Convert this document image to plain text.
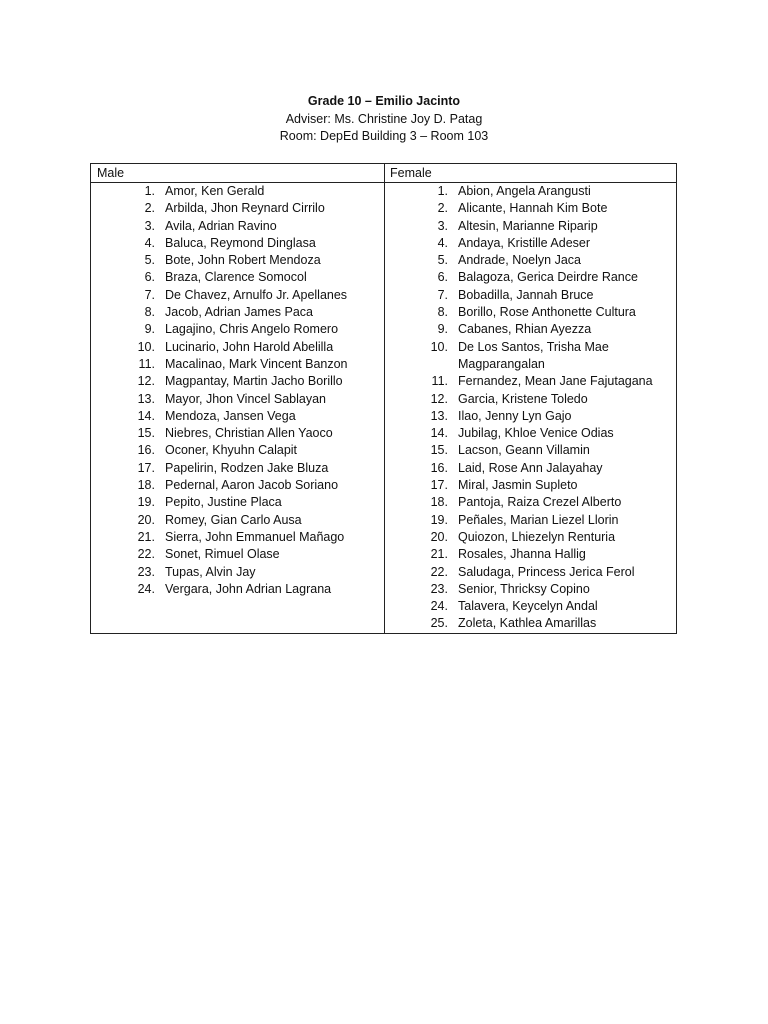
Grade 10 – Emilio Jacinto
Adviser: Ms. Christine Joy D. Patag
Room: DepEd Building 3 – Room 103
Male
1. Amor, Ken Gerald
2. Arbilda, Jhon Reynard Cirrilo
3. Avila, Adrian Ravino
4. Baluca, Reymond Dinglasa
5. Bote, John Robert Mendoza
6. Braza, Clarence Somocol
7. De Chavez, Arnulfo Jr. Apellanes
8. Jacob, Adrian James Paca
9. Lagajino, Chris Angelo Romero
10. Lucinario, John Harold Abelilla
11. Macalinao, Mark Vincent Banzon
12. Magpantay, Martin Jacho Borillo
13. Mayor, Jhon Vincel Sablayan
14. Mendoza, Jansen Vega
15. Niebres, Christian Allen Yaoco
16. Oconer, Khyuhn Calapit
17. Papelirin, Rodzen Jake Bluza
18. Pedernal, Aaron Jacob Soriano
19. Pepito, Justine Placa
20. Romey, Gian Carlo Ausa
21. Sierra, John Emmanuel Mañago
22. Sonet, Rimuel Olase
23. Tupas, Alvin Jay
24. Vergara, John Adrian Lagrana
Female
1. Abion, Angela Arangusti
2. Alicante, Hannah Kim Bote
3. Altesin, Marianne Riparip
4. Andaya, Kristille Adeser
5. Andrade, Noelyn Jaca
6. Balagoza, Gerica Deirdre Rance
7. Bobadilla, Jannah Bruce
8. Borillo, Rose Anthonette Cultura
9. Cabanes, Rhian Ayezza
10. De Los Santos, Trisha Mae Magparangalan
11. Fernandez, Mean Jane Fajutagana
12. Garcia, Kristene Toledo
13. Ilao, Jenny Lyn Gajo
14. Jubilag, Khloe Venice Odias
15. Lacson, Geann Villamin
16. Laid, Rose Ann Jalayahay
17. Miral, Jasmin Supleto
18. Pantoja, Raiza Crezel Alberto
19. Peñales, Marian Liezel Llorin
20. Quiozon, Lhiezelyn Renturia
21. Rosales, Jhanna Hallig
22. Saludaga, Princess Jerica Ferol
23. Senior, Thricksy Copino
24. Talavera, Keycelyn Andal
25. Zoleta, Kathlea Amarillas
